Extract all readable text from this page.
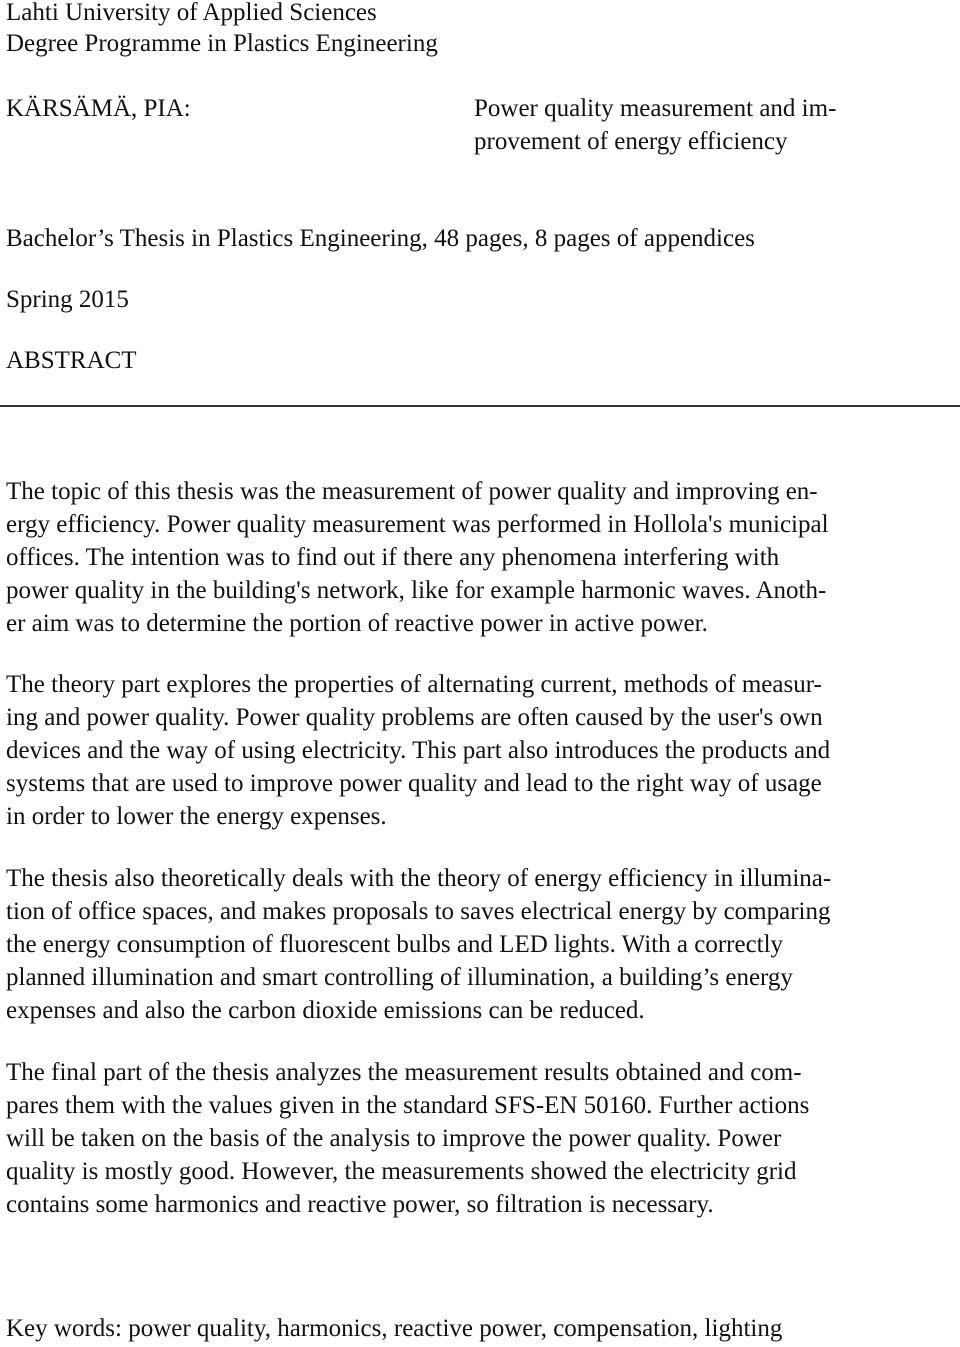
Lahti University of Applied Sciences
Degree Programme in Plastics Engineering
KÄRSÄMÄ, PIA:	Power quality measurement and im-
provement of energy efficiency
Bachelor’s Thesis in Plastics Engineering, 48 pages, 8 pages of appendices
Spring 2015
ABSTRACT
The topic of this thesis was the measurement of power quality and improving en-
ergy efficiency. Power quality measurement was performed in Hollola's municipal
offices. The intention was to find out if there any phenomena interfering with
power quality in the building's network, like for example harmonic waves. Anoth-
er aim was to determine the portion of reactive power in active power.
The theory part explores the properties of alternating current, methods of measur-
ing and power quality. Power quality problems are often caused by the user's own
devices and the way of using electricity. This part also introduces the products and
systems that are used to improve power quality and lead to the right way of usage
in order to lower the energy expenses.
The thesis also theoretically deals with the theory of energy efficiency in illumina-
tion of office spaces, and makes proposals to saves electrical energy by comparing
the energy consumption of fluorescent bulbs and LED lights. With a correctly
planned illumination and smart controlling of illumination, a building’s energy
expenses and also the carbon dioxide emissions can be reduced.
The final part of the thesis analyzes the measurement results obtained and com-
pares them with the values given in the standard SFS-EN 50160. Further actions
will be taken on the basis of the analysis to improve the power quality. Power
quality is mostly good. However, the measurements showed the electricity grid
contains some harmonics and reactive power, so filtration is necessary.
Key words: power quality, harmonics, reactive power, compensation, lighting
